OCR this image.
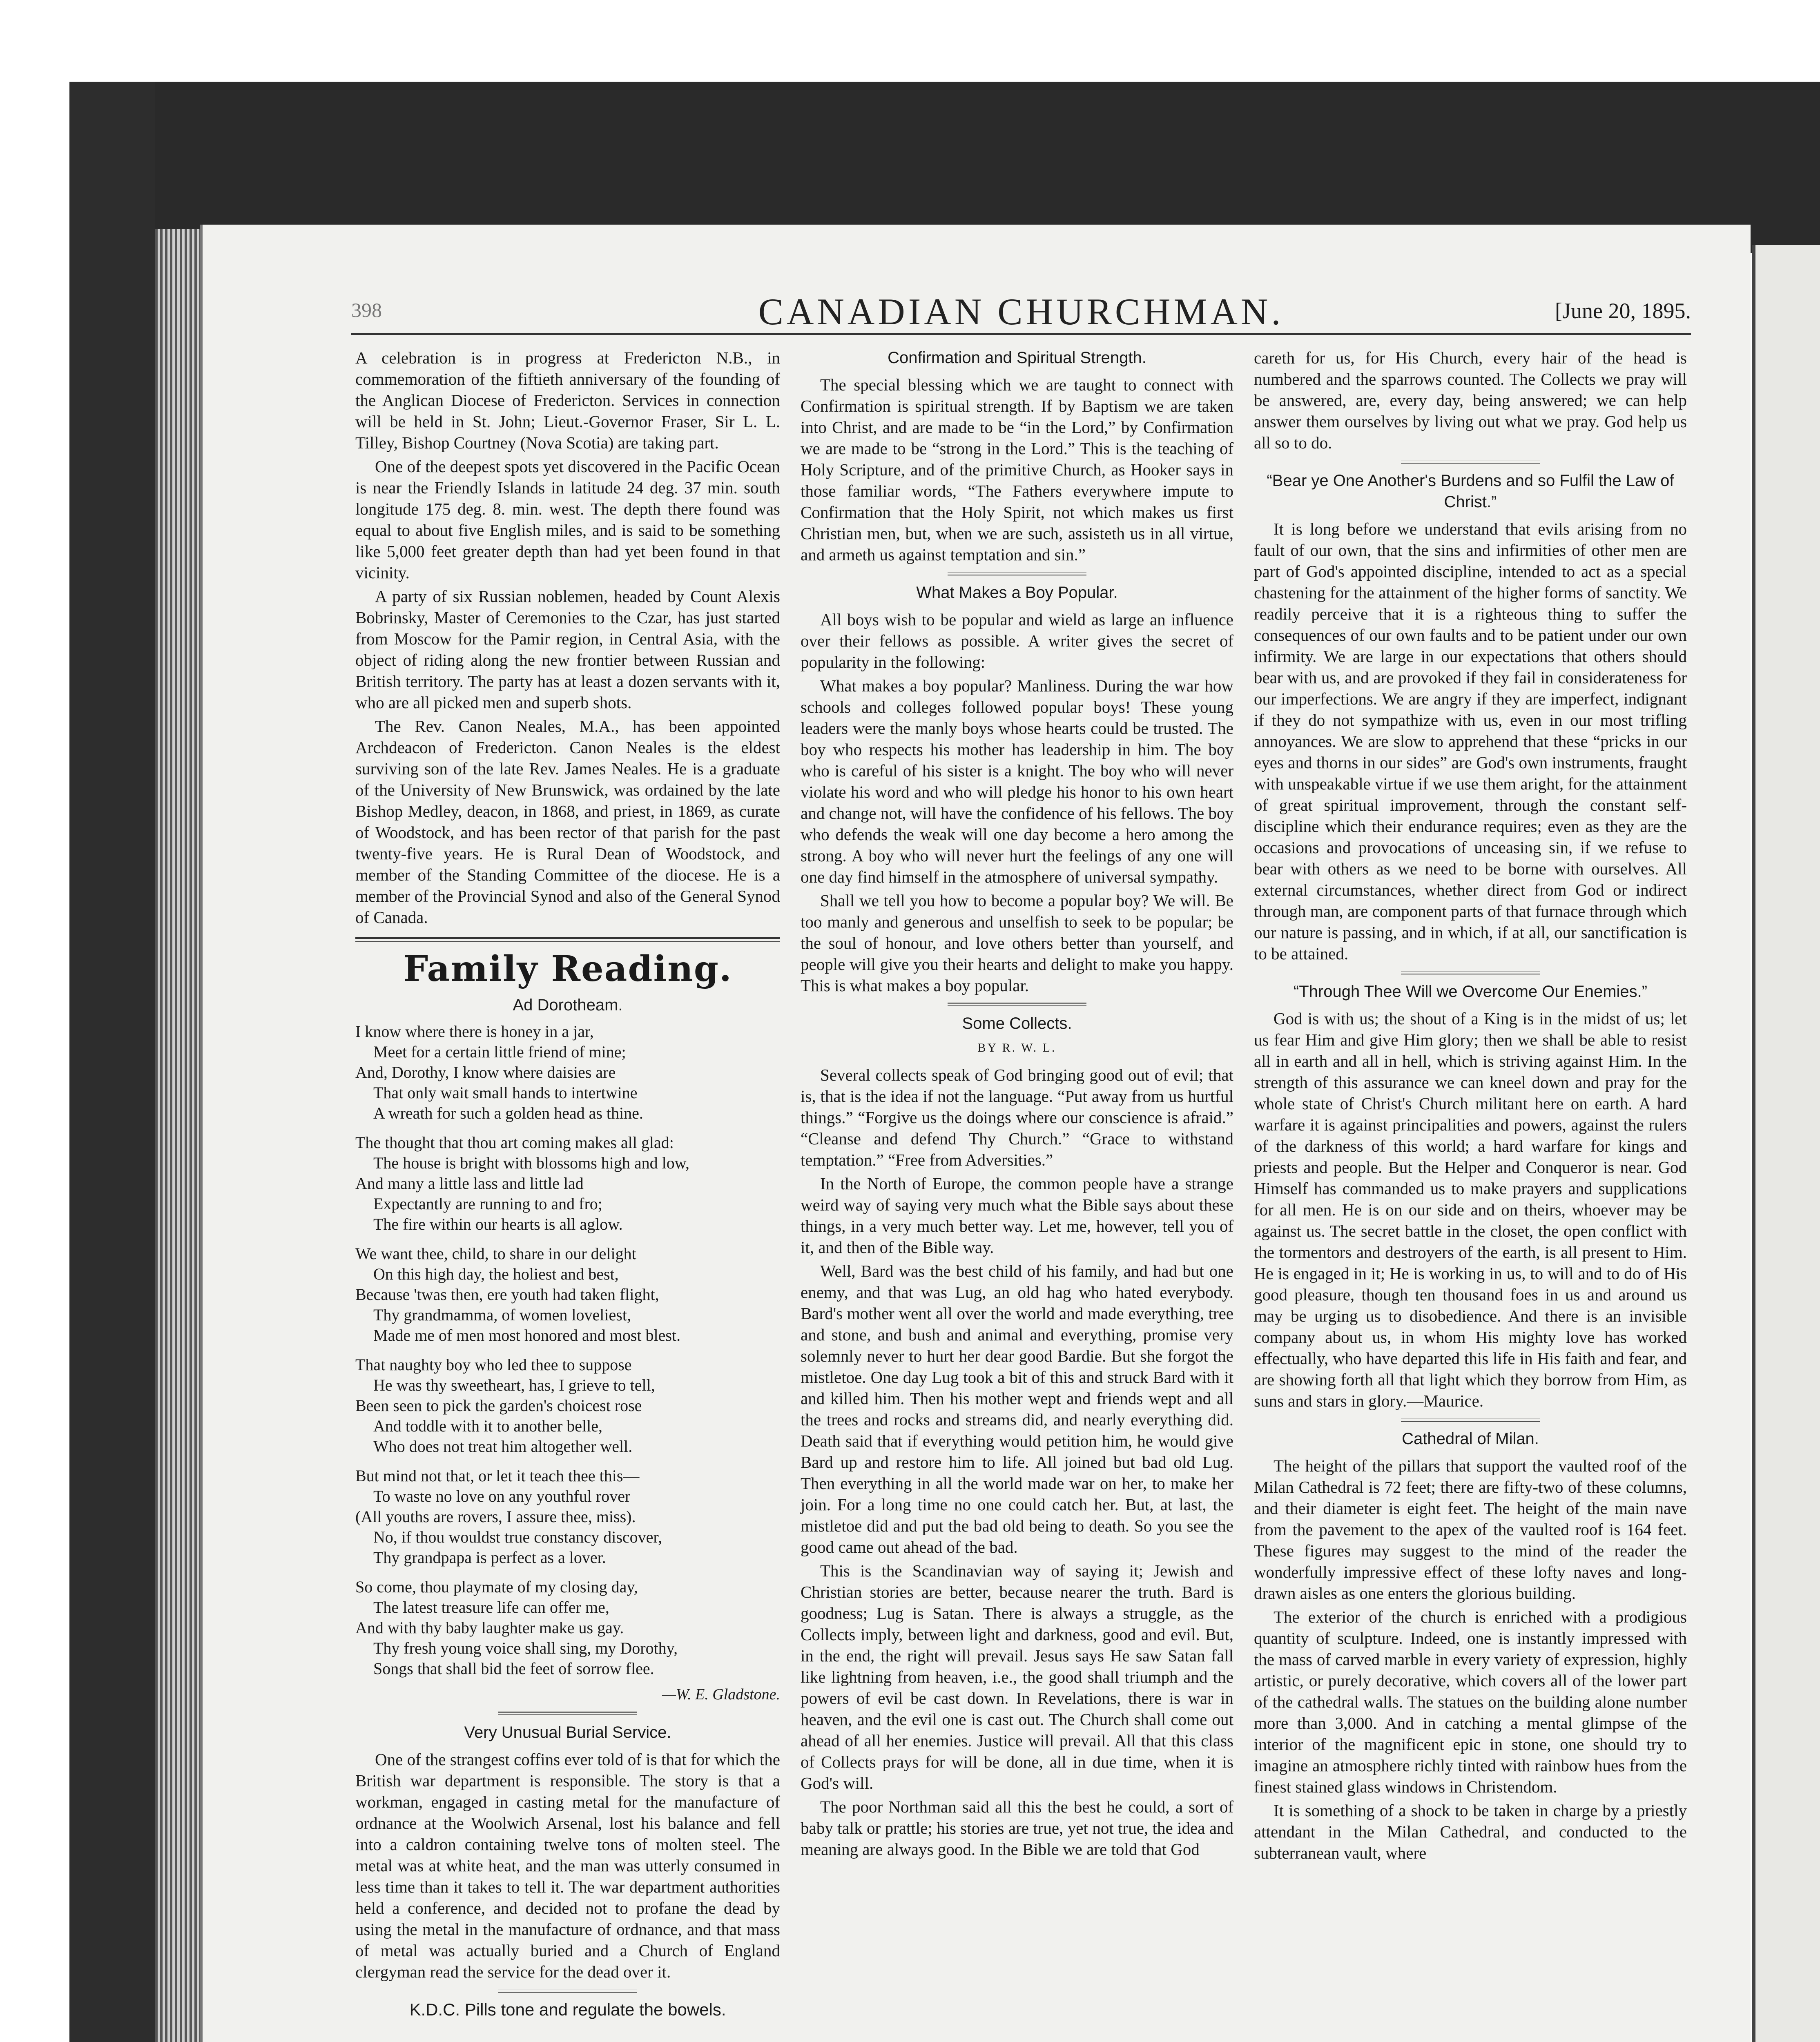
398	CANADIAN CHURCHMAN.	[June 20, 1895.

A celebration is in progress at Fredericton N.B., in commemoration of the fiftieth anniversary of the founding of the Anglican Diocese of Fredericton. Services in connection will be held in St. John; Lieut.-Governor Fraser, Sir L. L. Tilley, Bishop Courtney (Nova Scotia) are taking part.

One of the deepest spots yet discovered in the Pacific Ocean is near the Friendly Islands in latitude 24 deg. 37 min. south longitude 175 deg. 8. min. west. The depth there found was equal to about five English miles, and is said to be something like 5,000 feet greater depth than had yet been found in that vicinity.

A party of six Russian noblemen, headed by Count Alexis Bobrinsky, Master of Ceremonies to the Czar, has just started from Moscow for the Pamir region, in Central Asia, with the object of riding along the new frontier between Russian and British territory. The party has at least a dozen servants with it, who are all picked men and superb shots.

The Rev. Canon Neales, M.A., has been appointed Archdeacon of Fredericton. Canon Neales is the eldest surviving son of the late Rev. James Neales. He is a graduate of the University of New Brunswick, was ordained by the late Bishop Medley, deacon, in 1868, and priest, in 1869, as curate of Woodstock, and has been rector of that parish for the past twenty-five years. He is Rural Dean of Woodstock, and member of the Standing Committee of the diocese. He is a member of the Provincial Synod and also of the General Synod of Canada.

Family Reading.
Ad Dorotheam.
I know where there is honey in a jar,
Meet for a certain little friend of mine;
And, Dorothy, I know where daisies are
That only wait small hands to intertwine
A wreath for such a golden head as thine.
The thought that thou art coming makes all glad:
The house is bright with blossoms high and low,
And many a little lass and little lad
Expectantly are running to and fro;
The fire within our hearts is all aglow.
We want thee, child, to share in our delight
On this high day, the holiest and best,
Because 'twas then, ere youth had taken flight,
Thy grandmamma, of women loveliest,
Made me of men most honored and most blest.
That naughty boy who led thee to suppose
He was thy sweetheart, has, I grieve to tell,
Been seen to pick the garden's choicest rose
And toddle with it to another belle,
Who does not treat him altogether well.
But mind not that, or let it teach thee this—
To waste no love on any youthful rover
(All youths are rovers, I assure thee, miss).
No, if thou wouldst true constancy discover,
Thy grandpapa is perfect as a lover.
So come, thou playmate of my closing day,
The latest treasure life can offer me,
And with thy baby laughter make us gay.
Thy fresh young voice shall sing, my Dorothy,
Songs that shall bid the feet of sorrow flee.
—W. E. Gladstone.
Very Unusual Burial Service.

One of the strangest coffins ever told of is that for which the British war department is responsible. The story is that a workman, engaged in casting metal for the manufacture of ordnance at the Woolwich Arsenal, lost his balance and fell into a caldron containing twelve tons of molten steel. The metal was at white heat, and the man was utterly consumed in less time than it takes to tell it. The war department authorities held a conference, and decided not to profane the dead by using the metal in the manufacture of ordnance, and that mass of metal was actually buried and a Church of England clergyman read the service for the dead over it.

K.D.C. Pills tone and regulate the bowels.
Confirmation and Spiritual Strength.

The special blessing which we are taught to connect with Confirmation is spiritual strength. If by Baptism we are taken into Christ, and are made to be “in the Lord,” by Confirmation we are made to be “strong in the Lord.” This is the teaching of Holy Scripture, and of the primitive Church, as Hooker says in those familiar words, “The Fathers everywhere impute to Confirmation that the Holy Spirit, not which makes us first Christian men, but, when we are such, assisteth us in all virtue, and armeth us against temptation and sin.”

What Makes a Boy Popular.

All boys wish to be popular and wield as large an influence over their fellows as possible. A writer gives the secret of popularity in the following:

What makes a boy popular? Manliness. During the war how schools and colleges followed popular boys! These young leaders were the manly boys whose hearts could be trusted. The boy who respects his mother has leadership in him. The boy who is careful of his sister is a knight. The boy who will never violate his word and who will pledge his honor to his own heart and change not, will have the confidence of his fellows. The boy who defends the weak will one day become a hero among the strong. A boy who will never hurt the feelings of any one will one day find himself in the atmosphere of universal sympathy.

Shall we tell you how to become a popular boy? We will. Be too manly and generous and unselfish to seek to be popular; be the soul of honour, and love others better than yourself, and people will give you their hearts and delight to make you happy. This is what makes a boy popular.

Some Collects.
BY R. W. L.

Several collects speak of God bringing good out of evil; that is, that is the idea if not the language. “Put away from us hurtful things.” “Forgive us the doings where our conscience is afraid.” “Cleanse and defend Thy Church.” “Grace to withstand temptation.” “Free from Adversities.”

In the North of Europe, the common people have a strange weird way of saying very much what the Bible says about these things, in a very much better way. Let me, however, tell you of it, and then of the Bible way.

Well, Bard was the best child of his family, and had but one enemy, and that was Lug, an old hag who hated everybody. Bard's mother went all over the world and made everything, tree and stone, and bush and animal and everything, promise very solemnly never to hurt her dear good Bardie. But she forgot the mistletoe. One day Lug took a bit of this and struck Bard with it and killed him. Then his mother wept and friends wept and all the trees and rocks and streams did, and nearly everything did. Death said that if everything would petition him, he would give Bard up and restore him to life. All joined but bad old Lug. Then everything in all the world made war on her, to make her join. For a long time no one could catch her. But, at last, the mistletoe did and put the bad old being to death. So you see the good came out ahead of the bad.

This is the Scandinavian way of saying it; Jewish and Christian stories are better, because nearer the truth. Bard is goodness; Lug is Satan. There is always a struggle, as the Collects imply, between light and darkness, good and evil. But, in the end, the right will prevail. Jesus says He saw Satan fall like lightning from heaven, i.e., the good shall triumph and the powers of evil be cast down. In Revelations, there is war in heaven, and the evil one is cast out. The Church shall come out ahead of all her enemies. Justice will prevail. All that this class of Collects prays for will be done, all in due time, when it is God's will.

The poor Northman said all this the best he could, a sort of baby talk or prattle; his stories are true, yet not true, the idea and meaning are always good. In the Bible we are told that God

careth for us, for His Church, every hair of the head is numbered and the sparrows counted. The Collects we pray will be answered, are, every day, being answered; we can help answer them ourselves by living out what we pray. God help us all so to do.

“Bear ye One Another's Burdens and so Fulfil the Law of Christ.”

It is long before we understand that evils arising from no fault of our own, that the sins and infirmities of other men are part of God's appointed discipline, intended to act as a special chastening for the attainment of the higher forms of sanctity. We readily perceive that it is a righteous thing to suffer the consequences of our own faults and to be patient under our own infirmity. We are large in our expectations that others should bear with us, and are provoked if they fail in considerateness for our imperfections. We are angry if they are imperfect, indignant if they do not sympathize with us, even in our most trifling annoyances. We are slow to apprehend that these “pricks in our eyes and thorns in our sides” are God's own instruments, fraught with unspeakable virtue if we use them aright, for the attainment of great spiritual improvement, through the constant self-discipline which their endurance requires; even as they are the occasions and provocations of unceasing sin, if we refuse to bear with others as we need to be borne with ourselves. All external circumstances, whether direct from God or indirect through man, are component parts of that furnace through which our nature is passing, and in which, if at all, our sanctification is to be attained.

“Through Thee Will we Overcome Our Enemies.”

God is with us; the shout of a King is in the midst of us; let us fear Him and give Him glory; then we shall be able to resist all in earth and all in hell, which is striving against Him. In the strength of this assurance we can kneel down and pray for the whole state of Christ's Church militant here on earth. A hard warfare it is against principalities and powers, against the rulers of the darkness of this world; a hard warfare for kings and priests and people. But the Helper and Conqueror is near. God Himself has commanded us to make prayers and supplications for all men. He is on our side and on theirs, whoever may be against us. The secret battle in the closet, the open conflict with the tormentors and destroyers of the earth, is all present to Him. He is engaged in it; He is working in us, to will and to do of His good pleasure, though ten thousand foes in us and around us may be urging us to disobedience. And there is an invisible company about us, in whom His mighty love has worked effectually, who have departed this life in His faith and fear, and are showing forth all that light which they borrow from Him, as suns and stars in glory.—Maurice.

Cathedral of Milan.

The height of the pillars that support the vaulted roof of the Milan Cathedral is 72 feet; there are fifty-two of these columns, and their diameter is eight feet. The height of the main nave from the pavement to the apex of the vaulted roof is 164 feet. These figures may suggest to the mind of the reader the wonderfully impressive effect of these lofty naves and long-drawn aisles as one enters the glorious building.

The exterior of the church is enriched with a prodigious quantity of sculpture. Indeed, one is instantly impressed with the mass of carved marble in every variety of expression, highly artistic, or purely decorative, which covers all of the lower part of the cathedral walls. The statues on the building alone number more than 3,000. And in catching a mental glimpse of the interior of the magnificent epic in stone, one should try to imagine an atmosphere richly tinted with rainbow hues from the finest stained glass windows in Christendom.

It is something of a shock to be taken in charge by a priestly attendant in the Milan Cathedral, and conducted to the subterranean vault, where
